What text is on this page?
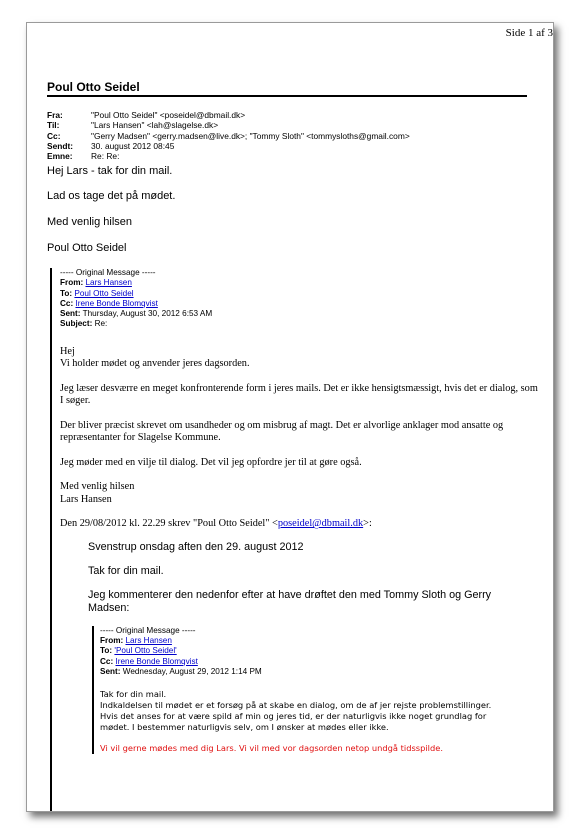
Side 1 af 3
Poul Otto Seidel
Fra:	"Poul Otto Seidel" <poseidel@dbmail.dk>
Til:	"Lars Hansen" <lah@slagelse.dk>
Cc:	"Gerry Madsen" <gerry.madsen@live.dk>; "Tommy Sloth" <tommysloths@gmail.com>
Sendt: 30. august 2012 08:45
Emne: Re: Re:

Hej Lars - tak for din mail.

Lad os tage det på mødet.

Med venlig hilsen

Poul Otto Seidel

----- Original Message -----
From: Lars Hansen
To: Poul Otto Seidel
Cc: Irene Bonde Blomqvist
Sent: Thursday, August 30, 2012 6:53 AM
Subject: Re:

Hej
Vi holder mødet og anvender jeres dagsorden.

Jeg læser desværre en meget konfronterende form i jeres mails. Det er ikke hensigtsmæssigt, hvis det er dialog, som I søger.

Der bliver præcist skrevet om usandheder og om misbrug af magt. Det er alvorlige anklager mod ansatte og repræsentanter for Slagelse Kommune.

Jeg møder med en vilje til dialog. Det vil jeg opfordre jer til at gøre også.

Med venlig hilsen
Lars Hansen

Den 29/08/2012 kl. 22.29 skrev "Poul Otto Seidel" <poseidel@dbmail.dk>:

Svenstrup onsdag aften den 29. august 2012

Tak for din mail.

Jeg kommenterer den nedenfor efter at have drøftet den med Tommy Sloth og Gerry Madsen:

----- Original Message -----
From: Lars Hansen
To: 'Poul Otto Seidel'
Cc: Irene Bonde Blomqvist
Sent: Wednesday, August 29, 2012 1:14 PM
Tak for din mail.

Indkaldelsen til mødet er et forsøg på at skabe en dialog, om de af jer rejste problemstillinger. Hvis det anses for at være spild af min og jeres tid, er der naturligvis ikke noget grundlag for mødet. I bestemmer naturligvis selv, om I ønsker at mødes eller ikke.

Vi vil gerne mødes med dig Lars. Vi vil med vor dagsorden netop undgå tidsspilde.
